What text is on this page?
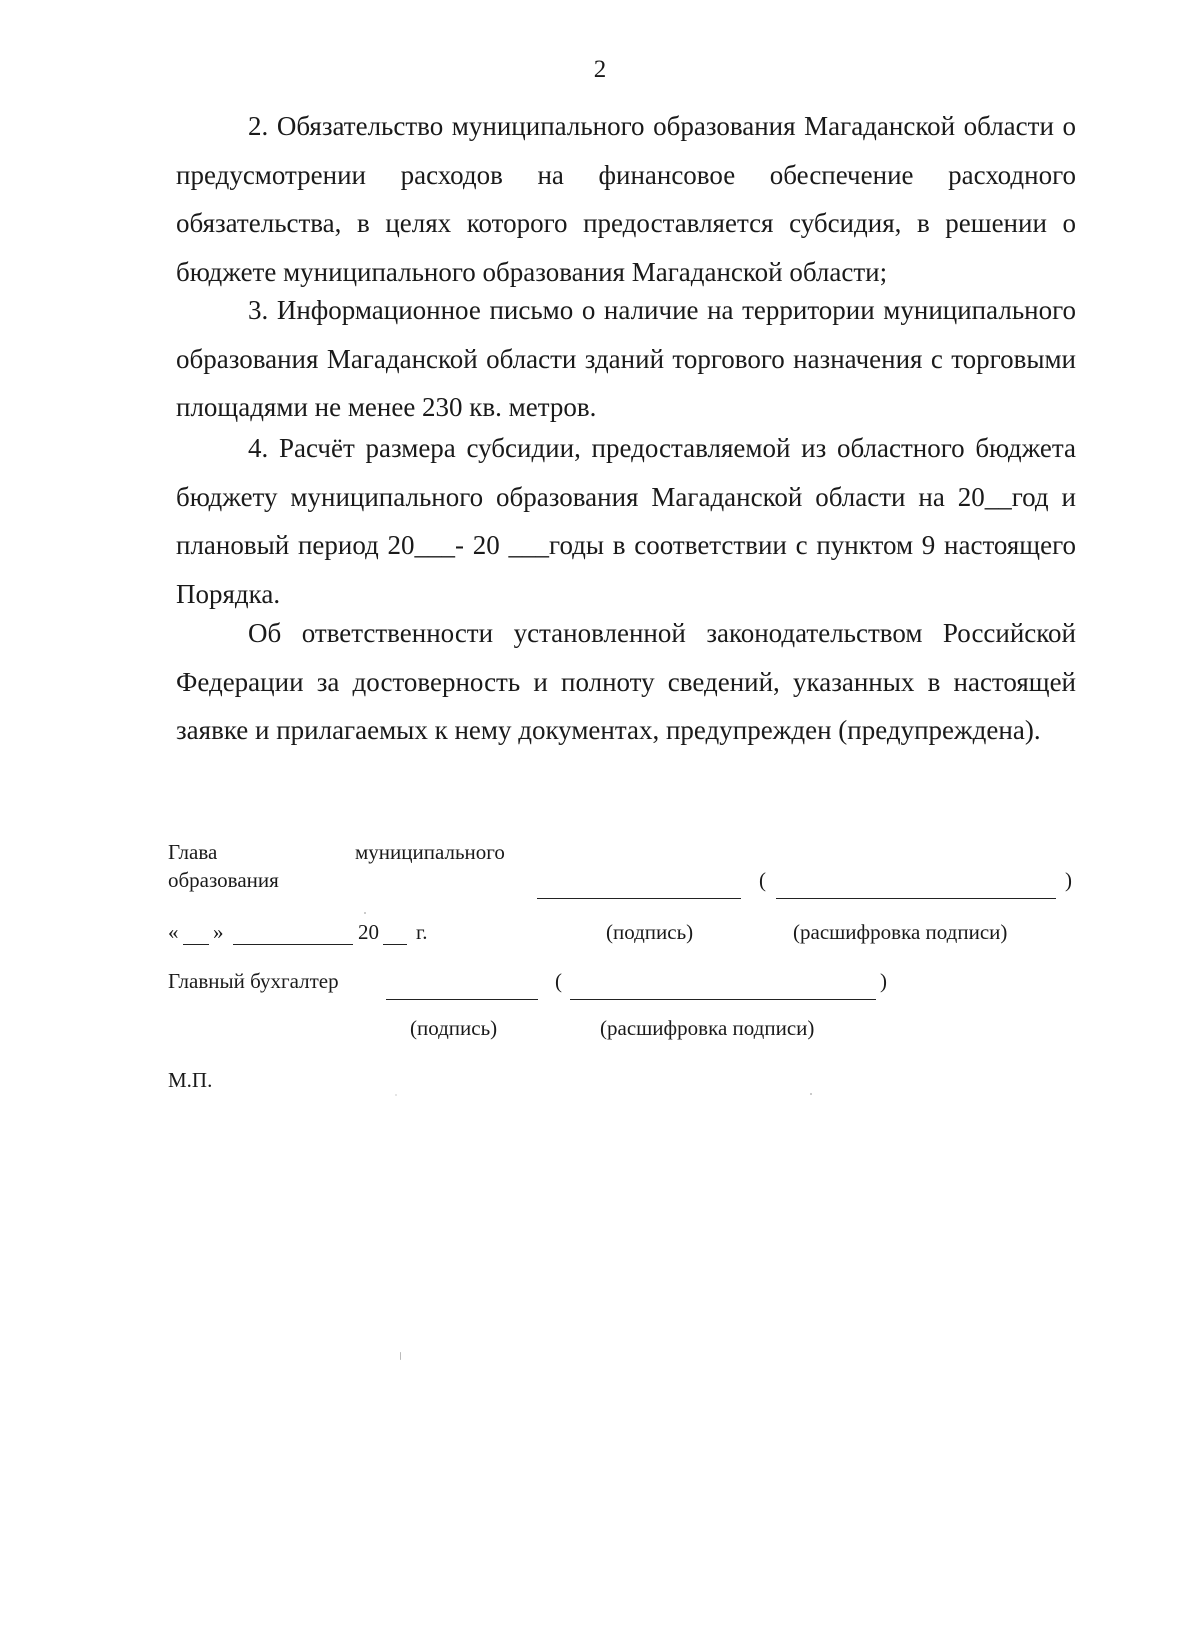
2
2. Обязательство муниципального образования Магаданской области о предусмотрении расходов на финансовое обеспечение расходного обязательства, в целях которого предоставляется субсидия, в решении о бюджете муниципального образования Магаданской области;
3. Информационное письмо о наличие на территории муниципального образования Магаданской области зданий торгового назначения с торговыми площадями не менее 230 кв. метров.
4. Расчёт размера субсидии, предоставляемой из областного бюджета бюджету муниципального образования Магаданской области на 20__год и плановый период 20___- 20 ___годы в соответствии с пунктом 9 настоящего Порядка.
Об ответственности установленной законодательством Российской Федерации за достоверность и полноту сведений, указанных в настоящей заявке и прилагаемых к нему документах, предупрежден (предупреждена).
Глава	муниципального
образования	(	)
« »	20 г.	(подпись)	(расшифровка подписи)
Главный бухгалтер	(	)
(подпись)	(расшифровка подписи)
М.П.
